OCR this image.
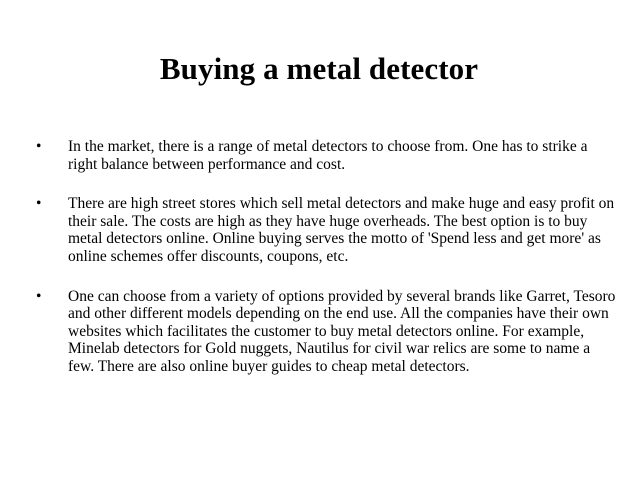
Buying a metal detector
• In the market, there is a range of metal detectors to choose from. One has to strike a right balance between performance and cost.
• There are high street stores which sell metal detectors and make huge and easy profit on their sale. The costs are high as they have huge overheads. The best option is to buy metal detectors online. Online buying serves the motto of 'Spend less and get more' as online schemes offer discounts, coupons, etc.
• One can choose from a variety of options provided by several brands like Garret, Tesoro and other different models depending on the end use. All the companies have their own websites which facilitates the customer to buy metal detectors online. For example, Minelab detectors for Gold nuggets, Nautilus for civil war relics are some to name a few. There are also online buyer guides to cheap metal detectors.
